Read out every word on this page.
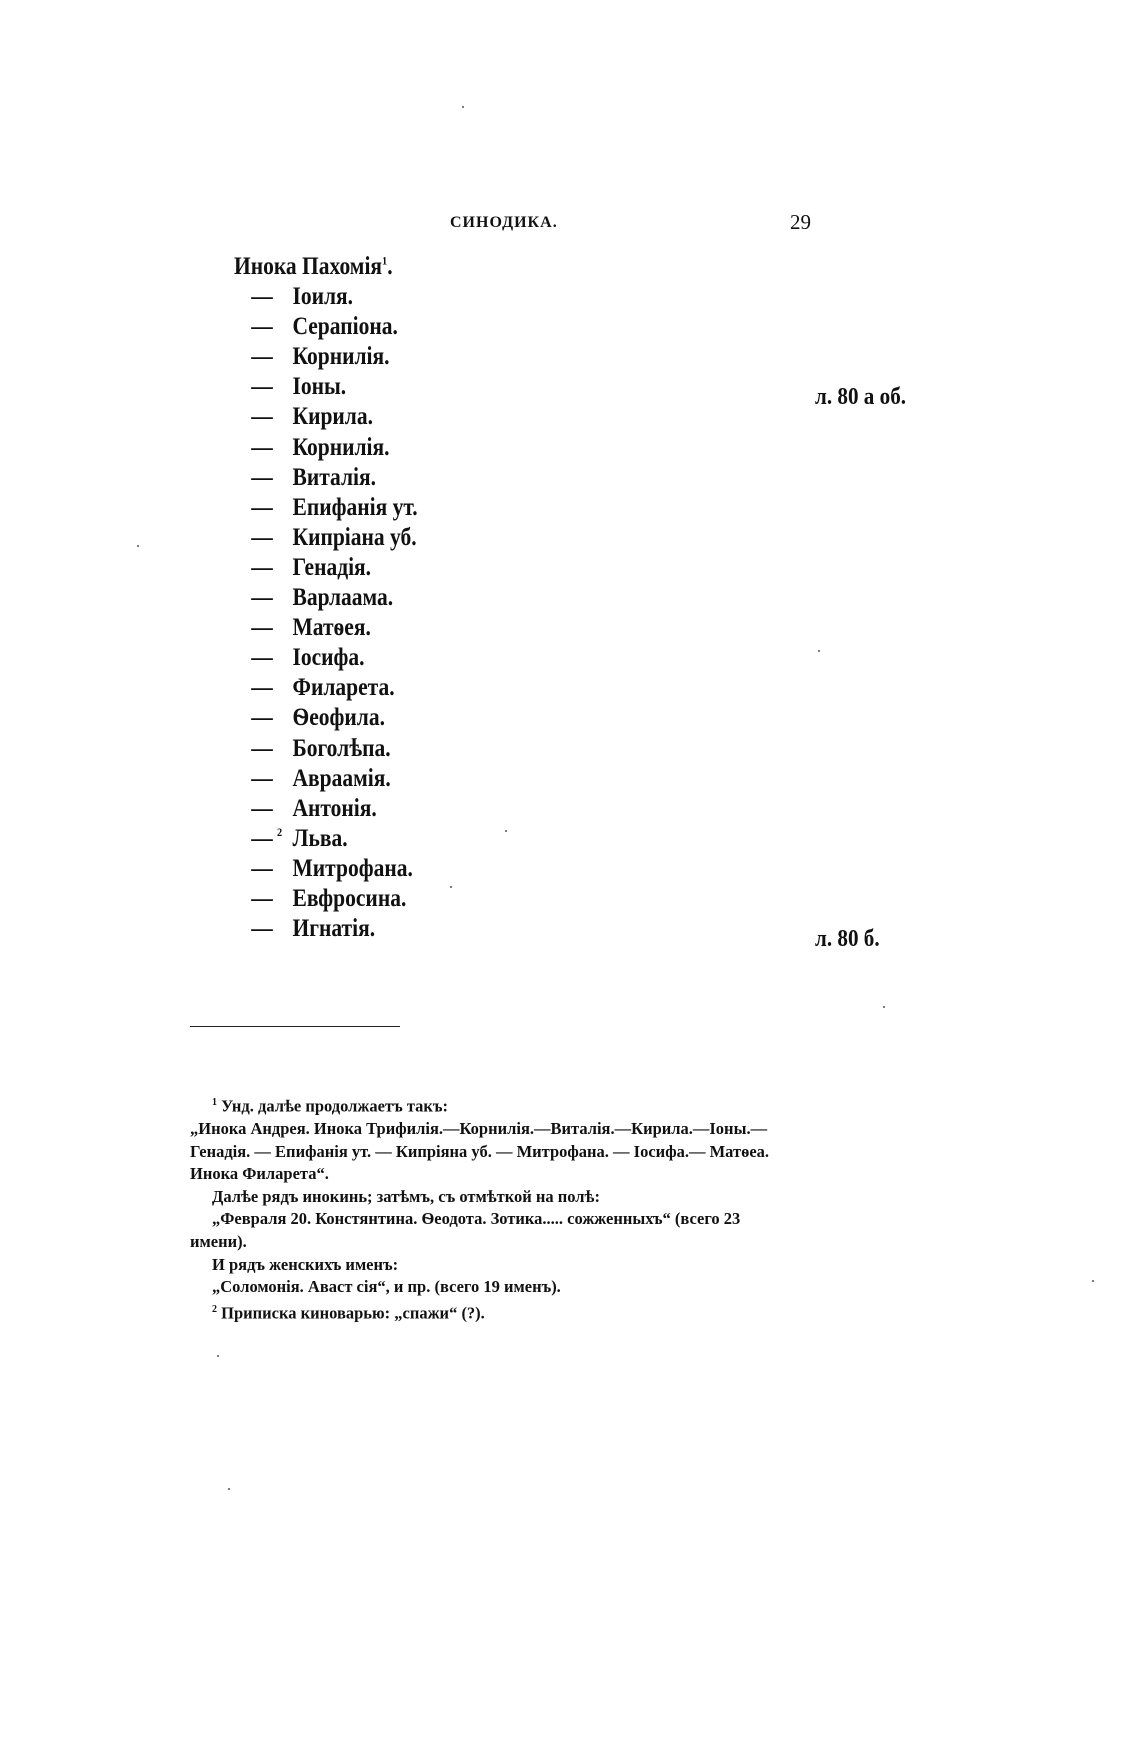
СИНОДИКА.	29
Инока Пахомія$^1$.
— Іоиля.
— Серапіона.
— Корнилія.
— Іоны.
— Кирила.
— Корнилія.
— Виталія.
— Епифанія ут.
— Кипріана уб.
— Генадія.
— Варлаама.
— Матѳея.
— Іосифа.
— Филарета.
— Ѳеофила.
— Боголѣпа.
— Авраамія.
— Антонія.
— 2 Льва.
— Митрофана.
— Евфросина.
— Игнатія.
л. 80 а об.
л. 80 б.

$^1$ Унд. далѣе продолжаетъ такъ:

„Инока Андрея. Инока Трифилія.—Корнилія.—Виталія.—Кирила.—Іоны.—

Генадія. — Епифанія ут. — Кипріяна уб. — Митрофана. — Іосифа.— Матѳеа.

Инока Филарета“.

Далѣе рядъ инокинь; затѣмъ, съ отмѣткой на полѣ:

„Февраля 20. Констянтина. Ѳеодота. Зотика..... сожженныхъ“ (всего 23

имени).

И рядъ женскихъ именъ:

„Соломонія. Аваст сія“, и пр. (всего 19 именъ).

$^2$ Приписка киноварью: „спажи“ (?).
